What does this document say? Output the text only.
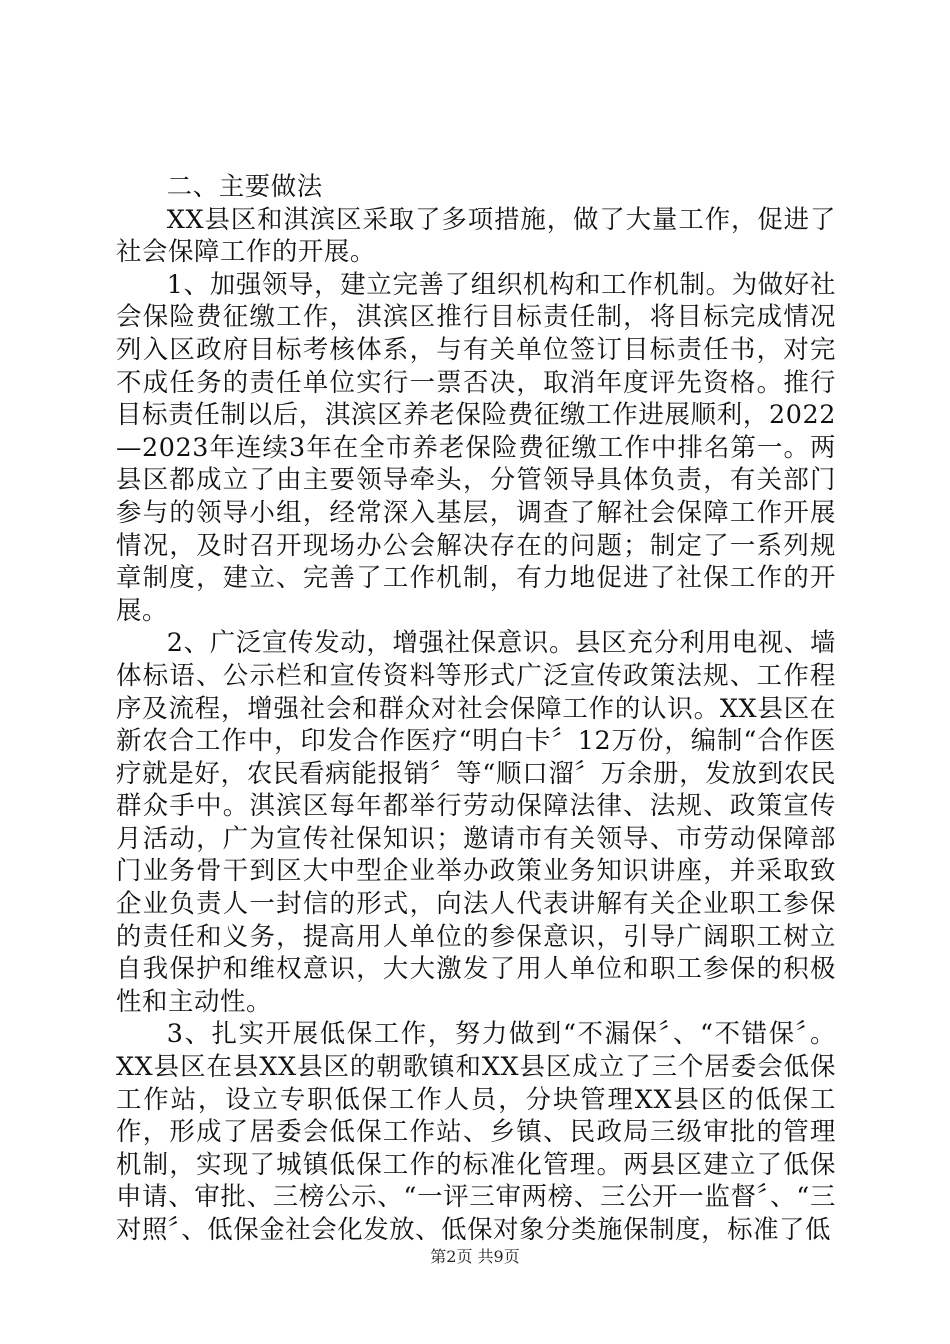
二、主要做法

XX县区和淇滨区采取了多项措施，做了大量工作，促进了社会保障工作的开展。

1、加强领导，建立完善了组织机构和工作机制。为做好社会保险费征缴工作，淇滨区推行目标责任制，将目标完成情况列入区政府目标考核体系，与有关单位签订目标责任书，对完不成任务的责任单位实行一票否决，取消年度评先资格。推行目标责任制以后，淇滨区养老保险费征缴工作进展顺利，2022—2023年连续3年在全市养老保险费征缴工作中排名第一。两县区都成立了由主要领导牵头，分管领导具体负责，有关部门参与的领导小组，经常深入基层，调查了解社会保障工作开展情况，及时召开现场办公会解决存在的问题；制定了一系列规章制度，建立、完善了工作机制，有力地促进了社保工作的开展。

2、广泛宣传发动，增强社保意识。县区充分利用电视、墙体标语、公示栏和宣传资料等形式广泛宣传政策法规、工作程序及流程，增强社会和群众对社会保障工作的认识。XX县区在新农合工作中，印发合作医疗“明白卡〞12万份，编制“合作医疗就是好，农民看病能报销〞等“顺口溜〞万余册，发放到农民群众手中。淇滨区每年都举行劳动保障法律、法规、政策宣传月活动，广为宣传社保知识；邀请市有关领导、市劳动保障部门业务骨干到区大中型企业举办政策业务知识讲座，并采取致企业负责人一封信的形式，向法人代表讲解有关企业职工参保的责任和义务，提高用人单位的参保意识，引导广阔职工树立自我保护和维权意识，大大激发了用人单位和职工参保的积极性和主动性。

3、扎实开展低保工作，努力做到“不漏保〞、“不错保〞。XX县区在县XX县区的朝歌镇和XX县区成立了三个居委会低保工作站，设立专职低保工作人员，分块管理XX县区的低保工作，形成了居委会低保工作站、乡镇、民政局三级审批的管理机制，实现了城镇低保工作的标准化管理。两县区建立了低保申请、审批、三榜公示、“一评三审两榜、三公开一监督〞、“三对照〞、低保金社会化发放、低保对象分类施保制度，标准了低

第2页 共9页
